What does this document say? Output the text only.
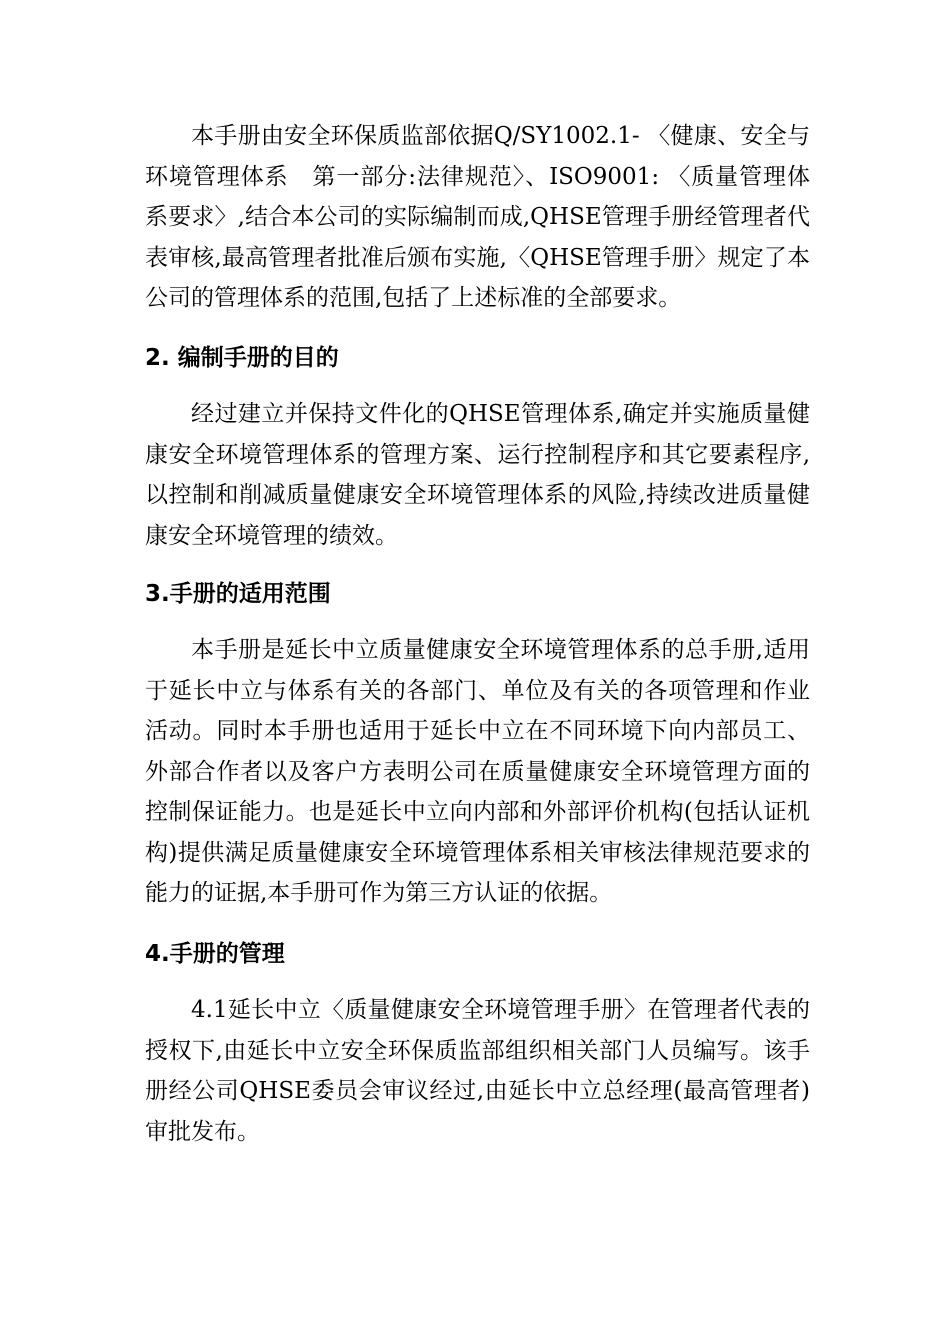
本手册由安全环保质监部依据Q/SY1002.1- 〈健康、安全与环境管理体系　第一部分:法律规范〉、ISO9001: 〈质量管理体系要求〉,结合本公司的实际编制而成,QHSE管理手册经管理者代表审核,最高管理者批准后颁布实施,〈QHSE管理手册〉规定了本公司的管理体系的范围,包括了上述标准的全部要求。

2. 编制手册的目的

经过建立并保持文件化的QHSE管理体系,确定并实施质量健康安全环境管理体系的管理方案、运行控制程序和其它要素程序,以控制和削减质量健康安全环境管理体系的风险,持续改进质量健康安全环境管理的绩效。

3.手册的适用范围

本手册是延长中立质量健康安全环境管理体系的总手册,适用于延长中立与体系有关的各部门、单位及有关的各项管理和作业活动。同时本手册也适用于延长中立在不同环境下向内部员工、外部合作者以及客户方表明公司在质量健康安全环境管理方面的控制保证能力。也是延长中立向内部和外部评价机构(包括认证机构)提供满足质量健康安全环境管理体系相关审核法律规范要求的能力的证据,本手册可作为第三方认证的依据。

4.手册的管理

4.1延长中立〈质量健康安全环境管理手册〉在管理者代表的授权下,由延长中立安全环保质监部组织相关部门人员编写。该手册经公司QHSE委员会审议经过,由延长中立总经理(最高管理者)审批发布。
